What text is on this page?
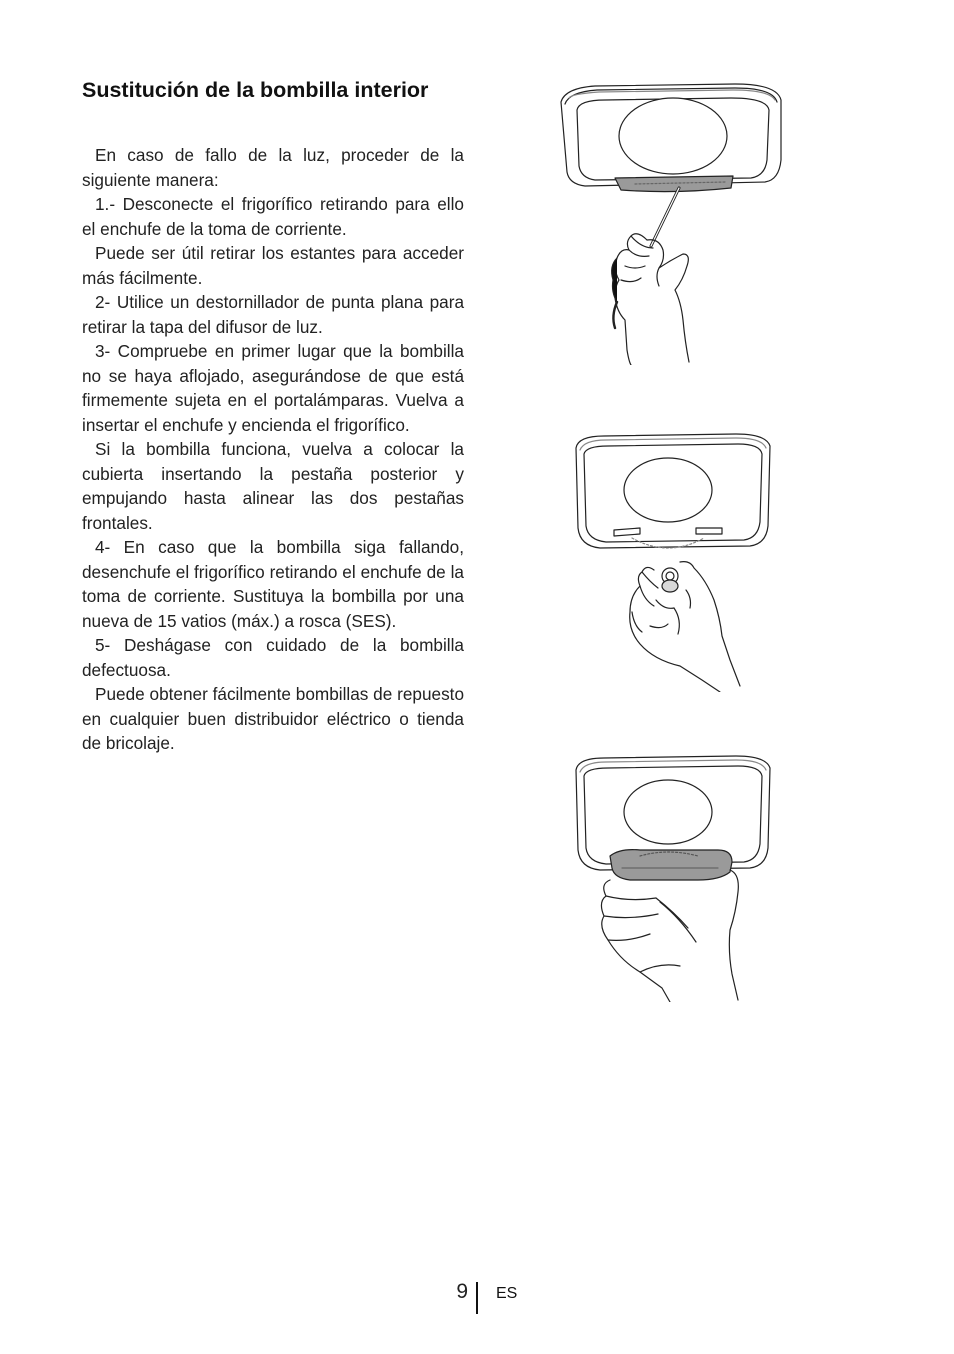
Sustitución de la bombilla interior

En caso de fallo de la luz, proceder de la siguiente manera:

1.- Desconecte el frigorífico retirando para ello el enchufe de la toma de corriente.

Puede ser útil retirar los estantes para acceder más fácilmente.

2- Utilice un destornillador de punta plana para retirar la tapa del difusor de luz.

3- Compruebe en primer lugar que la bombilla no se haya aflojado, asegurándose de que está firmemente sujeta en el portalámparas. Vuelva a insertar el enchufe y encienda el frigorífico.

Si la bombilla funciona, vuelva a colocar la cubierta insertando la pestaña posterior y empujando hasta alinear las dos pestañas frontales.

4- En caso que la bombilla siga fallando, desenchufe el frigorífico retirando el enchufe de la toma de corriente. Sustituya la bombilla por una nueva de 15 vatios (máx.) a rosca (SES).

5- Deshágase con cuidado de la bombilla defectuosa.

Puede obtener fácilmente bombillas de repuesto en cualquier buen distribuidor eléctrico o tienda de bricolaje.

9 ES
